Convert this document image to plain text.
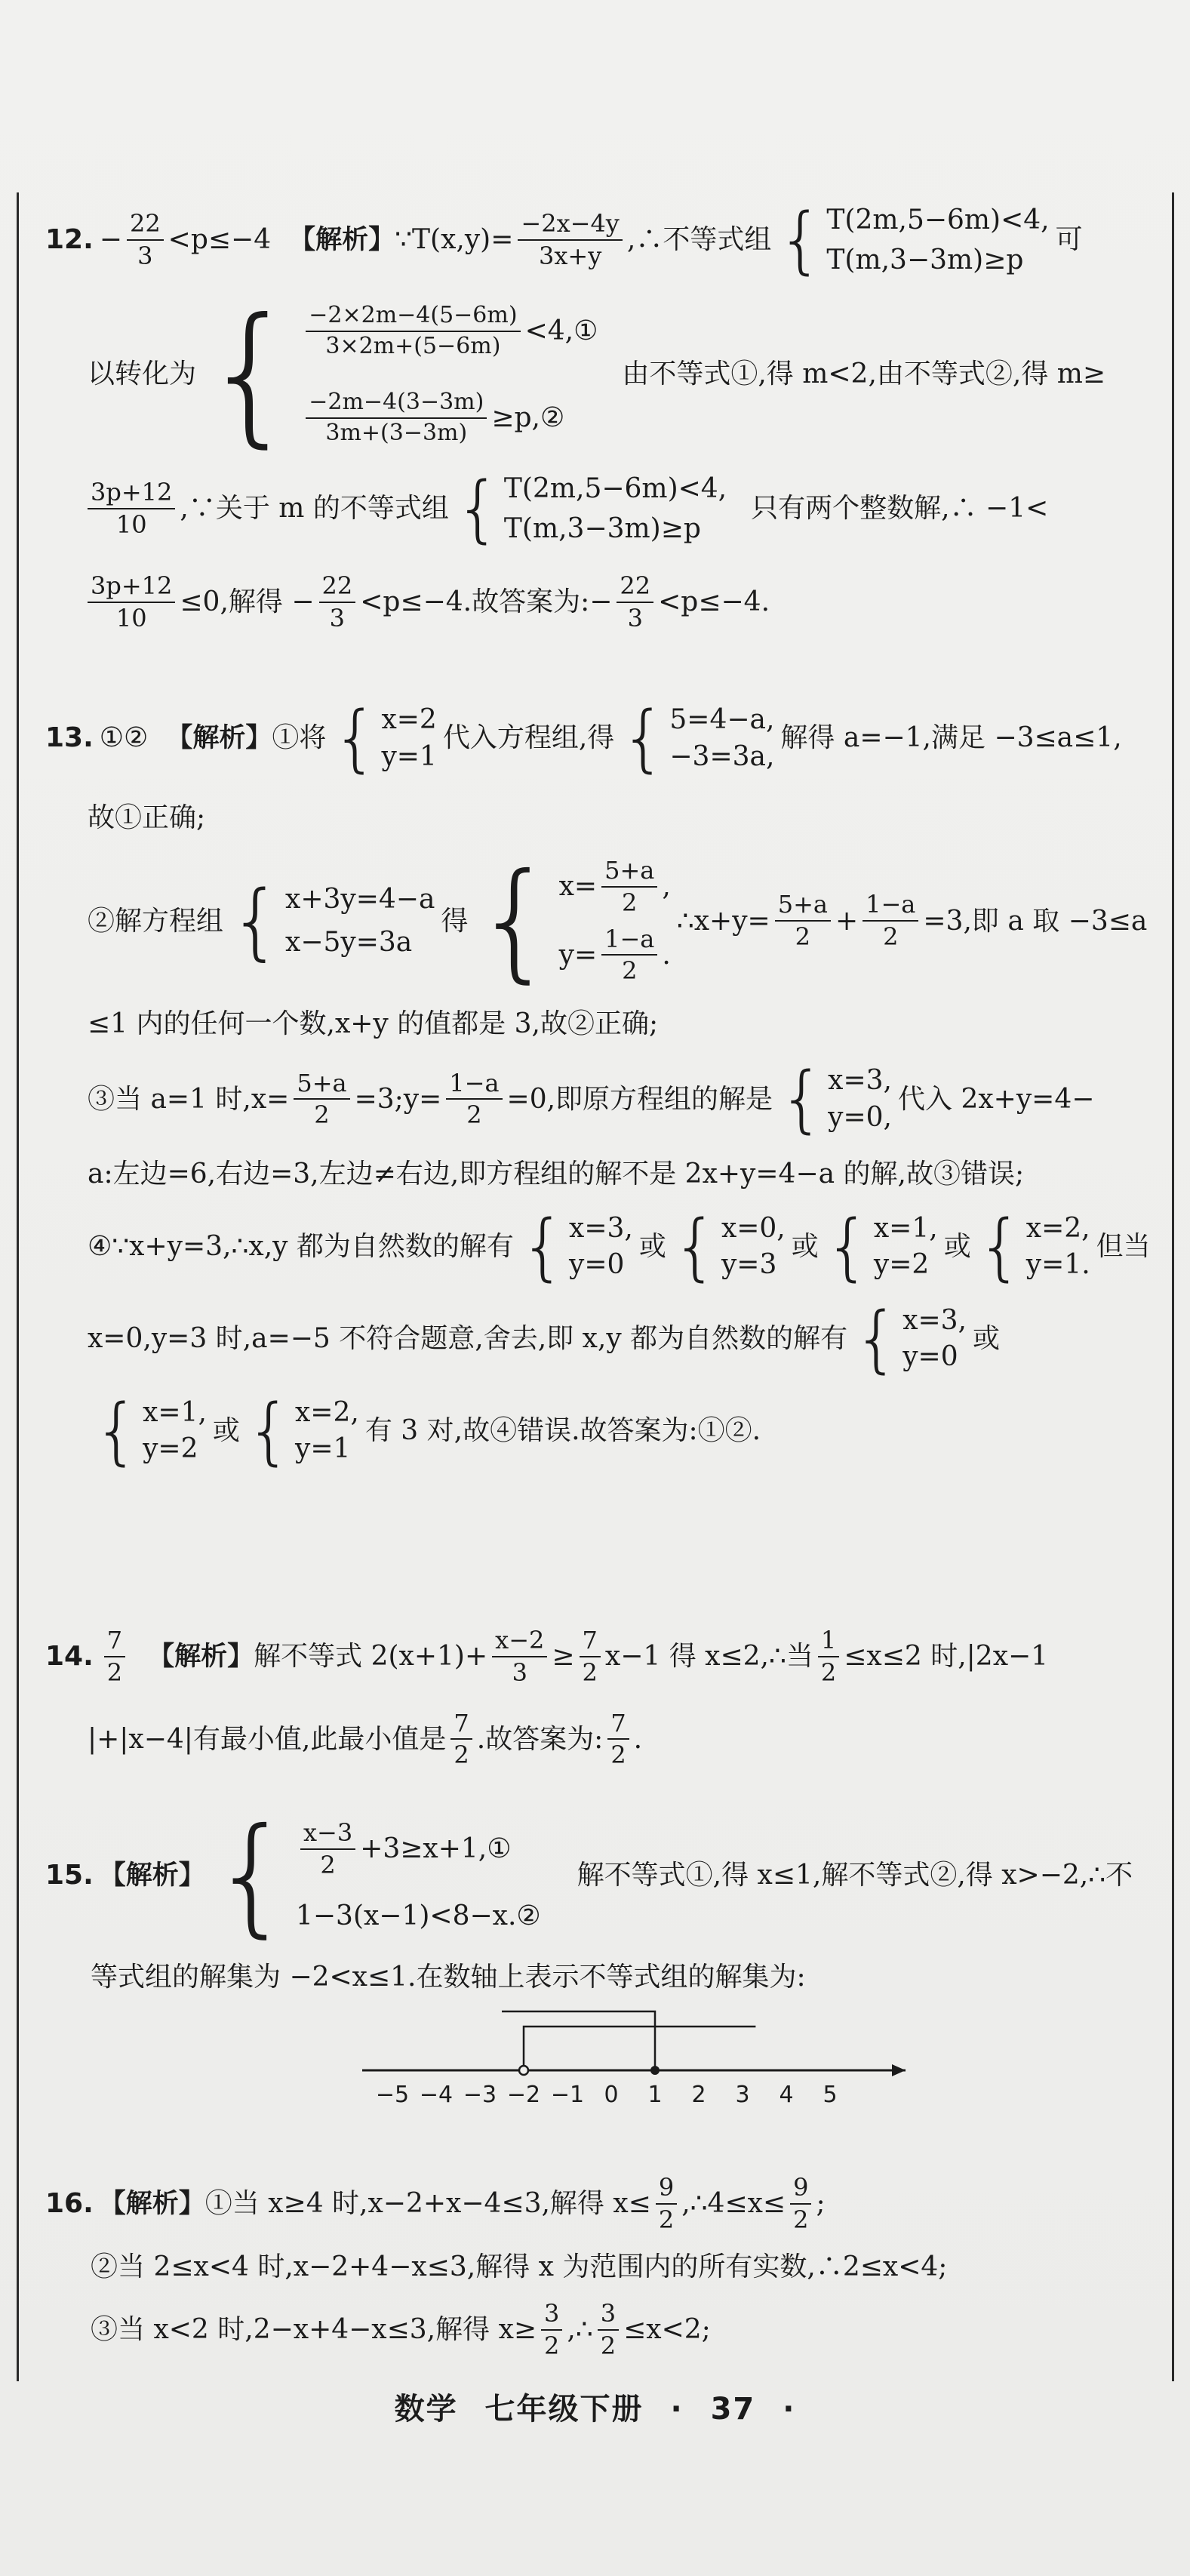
12. − $\frac{22}{3} <p\le-4$ 【解析】 ∵T(x,y)= $\frac{-2x-4y}{3x+y}$ ,∴不等式组 { T(2m,5−6m)<4,
T(m,3−3m)≥p
可
以转化为 { $\frac{-2\times 2m-4(5-6m)}{3\times 2m+(5-6m)}$ <4,①
$\frac{-2m-4(3-3m)}{3m+(3-3m)}$ ≥p,②
由不等式①,得 m<2,由不等式②,得 m≥
$\frac{3p+12}{10}$ ,∵关于 m 的不等式组 { T(2m,5−6m)<4,
T(m,3−3m)≥p
只有两个整数解,∴ −1<
$\frac{3p+12}{10} \le 0$,解得 − $\frac{22}{3} <p\le-4$.故答案为:− $\frac{22}{3} <p\le-4$.
13. ①② 【解析】 ①将 { x=2
y=1
代入方程组,得 { 5=4−a,
−3=3a,
解得 a=−1,满足 −3≤a≤1,
故①正确;
②解方程组 { x+3y=4−a
x−5y=3a
得 { $x= \frac{5+a}{2}$ ,
$y= \frac{1-a}{2}$ .
∴x+y= $\frac{5+a}{2} + \frac{1-a}{2} =3$,即 a 取 −3≤a
≤1 内的任何一个数,x+y 的值都是 3,故②正确;
③当 a=1 时$,x= \frac{5+a}{2}$ =3;y= $\frac{1-a}{2} =0$,即原方程组的解是 { x=3,
y=0,
代入 2x+y=4−
a:左边=6,右边=3,左边≠右边,即方程组的解不是 2x+y=4−a 的解,故③错误;
④∵x+y=3,∴x,y 都为自然数的解有 { x=3,
y=0
或 { x=0,
y=3
或 { x=1,
y=2
或 { x=2,
y=1.
但当
x=0,y=3 时,a=−5 不符合题意,舍去,即 x,y 都为自然数的解有 { x=3,
y=0
或
{ x=1,
y=2
或 { x=2,
y=1
有 3 对,故④错误.故答案为:①②.
14. $\frac{7}{2}$ 【解析】 解不等式 $2(x+1)+ \frac{x-2}{3} \ge \frac{7}{2} x-1$ 得 x≤2,∴当 $\frac{1}{2} \le x\le 2$ 时,|2x−1
|+|x−4|有最小值,此最小值是 $\frac{7}{2}$ .故答案为: $\frac{7}{2}$ .
15. 【解析】 { $\frac{x-3}{2}$ +3≥x+1,①
1−3(x−1)<8−x.②
解不等式①,得 x≤1,解不等式②,得 x>−2,∴不
等式组的解集为 −2<x≤1.在数轴上表示不等式组的解集为:
−5 −4 −3 −2 −1 0 1 2 3 4 5
16. 【解析】 ①当 x≥4 时,x−2+x−4≤3,解得 $x\le \frac{9}{2}$ ,∴4≤x≤ $\frac{9}{2}$ ;
②当 2≤x<4 时,x−2+4−x≤3,解得 x 为范围内的所有实数,∴2≤x<4;
③当 x<2 时,2−x+4−x≤3,解得 $x\ge \frac{3}{2}$ ,∴ $\frac{3}{2} \le x<2$;
数学 七年级下册 · 37 ·
